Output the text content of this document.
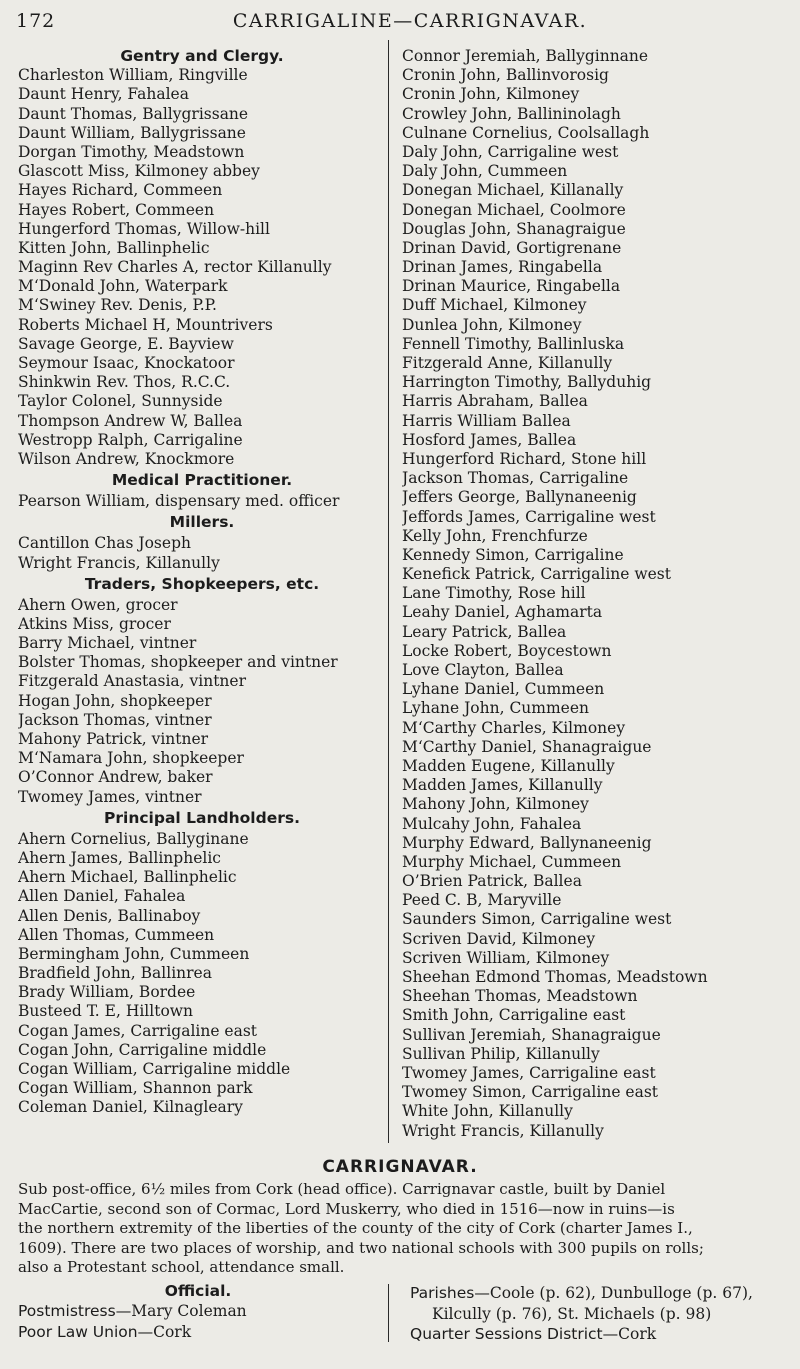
172	CARRIGALINE—CARRIGNAVAR.
Gentry and Clergy.
Charleston William, Ringville
Daunt Henry, Fahalea
Daunt Thomas, Ballygrissane
Daunt William, Ballygrissane
Dorgan Timothy, Meadstown
Glascott Miss, Kilmoney abbey
Hayes Richard, Commeen
Hayes Robert, Commeen
Hungerford Thomas, Willow-hill
Kitten John, Ballinphelic
Maginn Rev Charles A, rector Killanully
M‘Donald John, Waterpark
M‘Swiney Rev. Denis, P.P.
Roberts Michael H, Mountrivers
Savage George, E. Bayview
Seymour Isaac, Knockatoor
Shinkwin Rev. Thos, R.C.C.
Taylor Colonel, Sunnyside
Thompson Andrew W, Ballea
Westropp Ralph, Carrigaline
Wilson Andrew, Knockmore
Medical Practitioner.
Pearson William, dispensary med. officer
Millers.
Cantillon Chas Joseph
Wright Francis, Killanully
Traders, Shopkeepers, etc.
Ahern Owen, grocer
Atkins Miss, grocer
Barry Michael, vintner
Bolster Thomas, shopkeeper and vintner
Fitzgerald Anastasia, vintner
Hogan John, shopkeeper
Jackson Thomas, vintner
Mahony Patrick, vintner
M‘Namara John, shopkeeper
O’Connor Andrew, baker
Twomey James, vintner
Principal Landholders.
Ahern Cornelius, Ballyginane
Ahern James, Ballinphelic
Ahern Michael, Ballinphelic
Allen Daniel, Fahalea
Allen Denis, Ballinaboy
Allen Thomas, Cummeen
Bermingham John, Cummeen
Bradfield John, Ballinrea
Brady William, Bordee
Busteed T. E, Hilltown
Cogan James, Carrigaline east
Cogan John, Carrigaline middle
Cogan William, Carrigaline middle
Cogan William, Shannon park
Coleman Daniel, Kilnagleary
Connor Jeremiah, Ballyginnane
Cronin John, Ballinvorosig
Cronin John, Kilmoney
Crowley John, Ballininolagh
Culnane Cornelius, Coolsallagh
Daly John, Carrigaline west
Daly John, Cummeen
Donegan Michael, Killanally
Donegan Michael, Coolmore
Douglas John, Shanagraigue
Drinan David, Gortigrenane
Drinan James, Ringabella
Drinan Maurice, Ringabella
Duff Michael, Kilmoney
Dunlea John, Kilmoney
Fennell Timothy, Ballinluska
Fitzgerald Anne, Killanully
Harrington Timothy, Ballyduhig
Harris Abraham, Ballea
Harris William Ballea
Hosford James, Ballea
Hungerford Richard, Stone hill
Jackson Thomas, Carrigaline
Jeffers George, Ballynaneenig
Jeffords James, Carrigaline west
Kelly John, Frenchfurze
Kennedy Simon, Carrigaline
Kenefick Patrick, Carrigaline west
Lane Timothy, Rose hill
Leahy Daniel, Aghamarta
Leary Patrick, Ballea
Locke Robert, Boycestown
Love Clayton, Ballea
Lyhane Daniel, Cummeen
Lyhane John, Cummeen
M‘Carthy Charles, Kilmoney
M‘Carthy Daniel, Shanagraigue
Madden Eugene, Killanully
Madden James, Killanully
Mahony John, Kilmoney
Mulcahy John, Fahalea
Murphy Edward, Ballynaneenig
Murphy Michael, Cummeen
O’Brien Patrick, Ballea
Peed C. B, Maryville
Saunders Simon, Carrigaline west
Scriven David, Kilmoney
Scriven William, Kilmoney
Sheehan Edmond Thomas, Meadstown
Sheehan Thomas, Meadstown
Smith John, Carrigaline east
Sullivan Jeremiah, Shanagraigue
Sullivan Philip, Killanully
Twomey James, Carrigaline east
Twomey Simon, Carrigaline east
White John, Killanully
Wright Francis, Killanully
CARRIGNAVAR.
Sub post-office, 6½ miles from Cork (head office). Carrignavar castle, built by Daniel
MacCartie, second son of Cormac, Lord Muskerry, who died in 1516—now in ruins—is
the northern extremity of the liberties of the county of the city of Cork (charter James I.,
1609). There are two places of worship, and two national schools with 300 pupils on rolls;
also a Protestant school, attendance small.
Official.
Postmistress—Mary Coleman
Poor Law Union—Cork
Parishes—Coole (p. 62), Dunbulloge (p. 67),
Kilcully (p. 76), St. Michaels (p. 98)
Quarter Sessions District—Cork
